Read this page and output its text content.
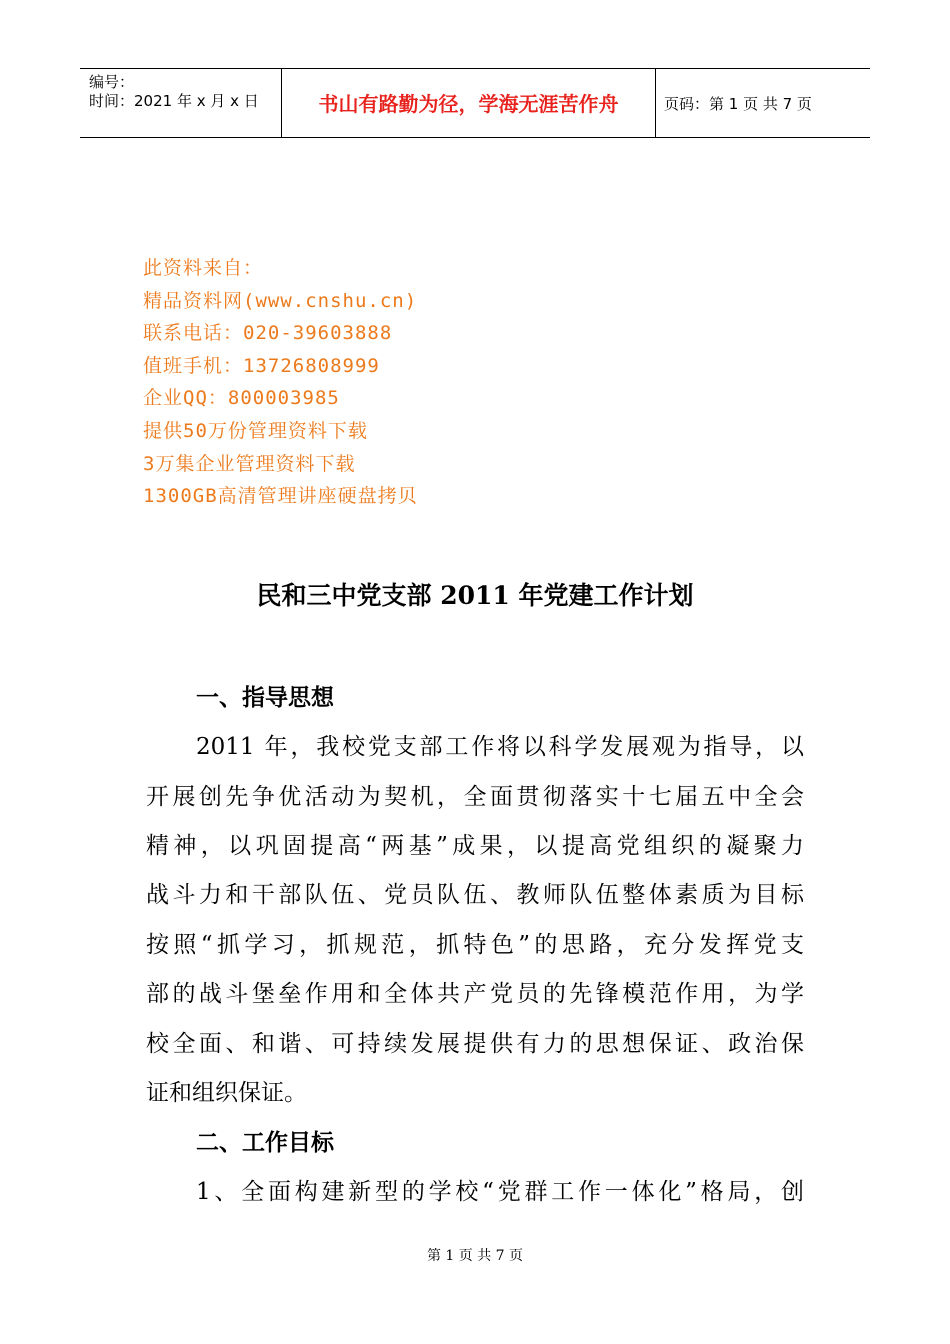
编号：
时间：2021 年 x 月 x 日	书山有路勤为径，学海无涯苦作舟	页码：第 1 页 共 7 页
此资料来自：
精品资料网(www.cnshu.cn)
联系电话：020-39603888
值班手机：13726808999
企业QQ：800003985
提供50万份管理资料下载
3万集企业管理资料下载
1300GB高清管理讲座硬盘拷贝
民和三中党支部 2011 年党建工作计划
一、指导思想
2011 年，我校党支部工作将以科学发展观为指导，以
开展创先争优活动为契机，全面贯彻落实十七届五中全会
精神，以巩固提高“两基”成果，以提高党组织的凝聚力
战斗力和干部队伍、党员队伍、教师队伍整体素质为目标
按照“抓学习，抓规范，抓特色”的思路，充分发挥党支
部的战斗堡垒作用和全体共产党员的先锋模范作用，为学
校全面、和谐、可持续发展提供有力的思想保证、政治保
证和组织保证。
二、工作目标
1、全面构建新型的学校“党群工作一体化”格局，创
第 1 页 共 7 页
